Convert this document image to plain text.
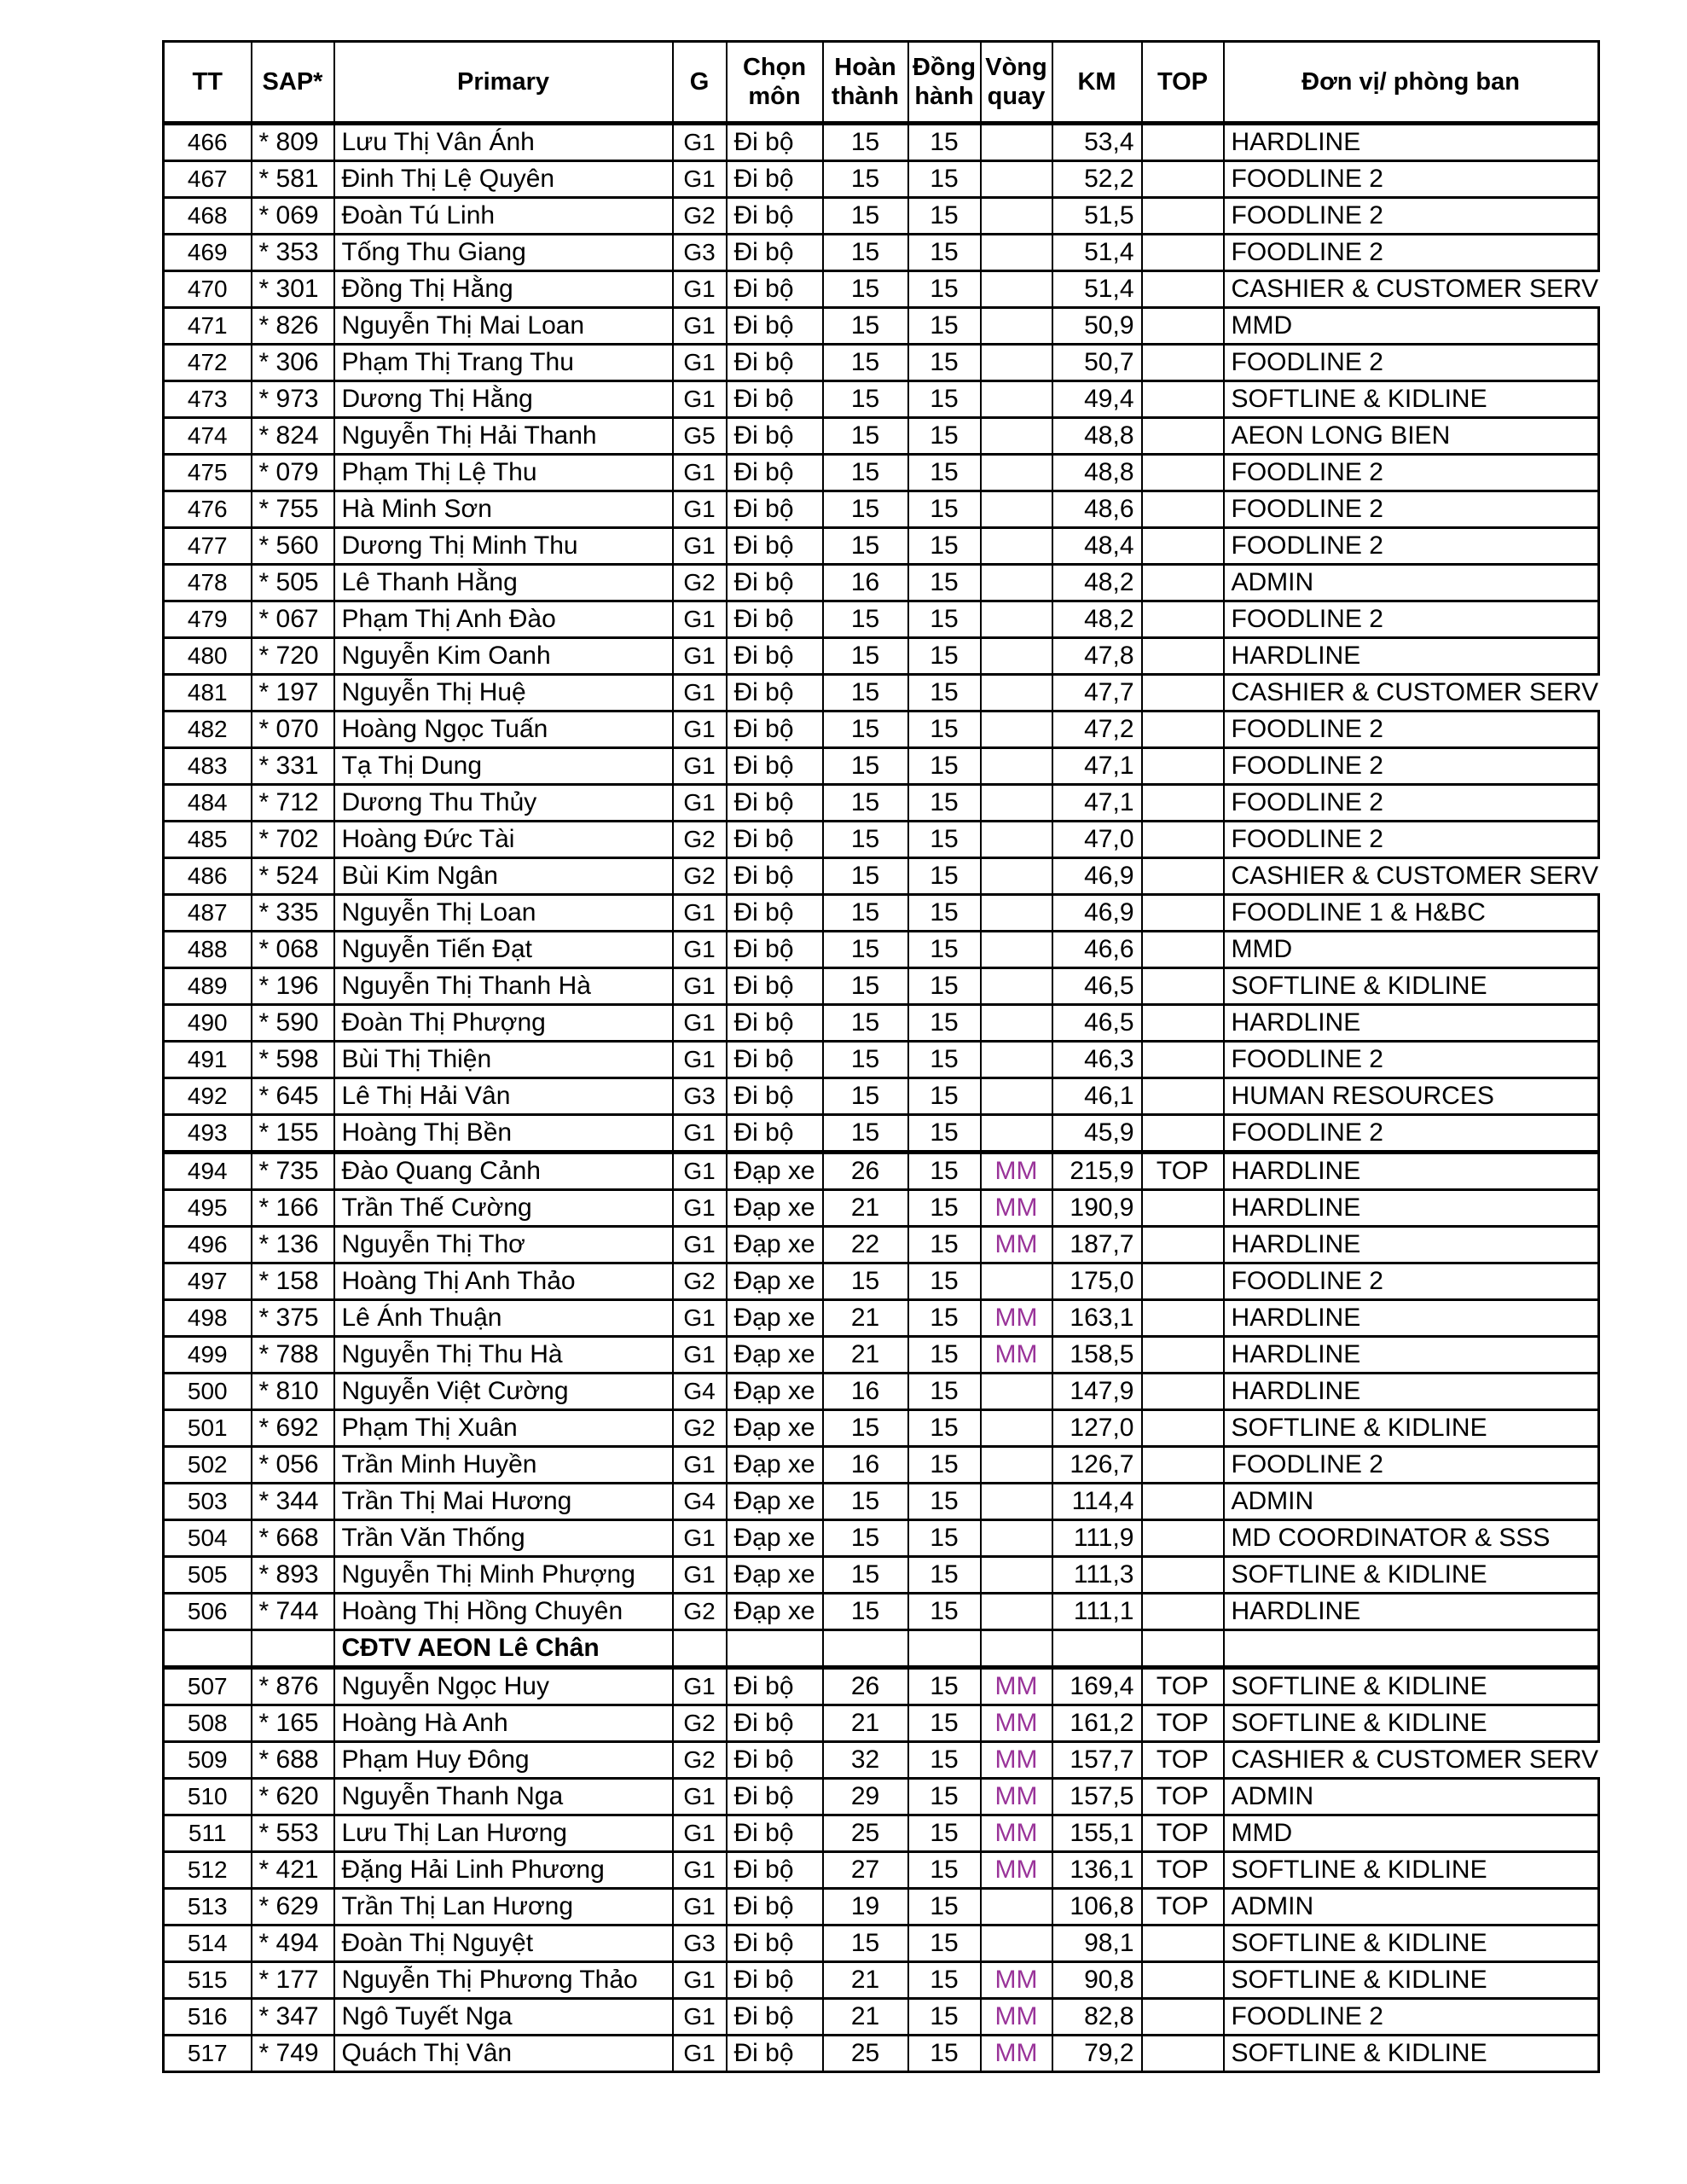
TT	SAP*	Primary	G	Chọn môn	Hoàn thành	Đồng hành	Vòng quay	KM	TOP	Đơn vị/ phòng ban
466	* 809	Lưu Thị Vân Ánh	G1	Đi bộ	15	15		53,4		HARDLINE
467	* 581	Đinh Thị Lệ Quyên	G1	Đi bộ	15	15		52,2		FOODLINE 2
468	* 069	Đoàn Tú Linh	G2	Đi bộ	15	15		51,5		FOODLINE 2
469	* 353	Tống Thu Giang	G3	Đi bộ	15	15		51,4		FOODLINE 2
470	* 301	Đồng Thị Hằng	G1	Đi bộ	15	15		51,4		CASHIER & CUSTOMER SERV
471	* 826	Nguyễn Thị Mai Loan	G1	Đi bộ	15	15		50,9		MMD
472	* 306	Phạm Thị Trang Thu	G1	Đi bộ	15	15		50,7		FOODLINE 2
473	* 973	Dương Thị Hằng	G1	Đi bộ	15	15		49,4		SOFTLINE & KIDLINE
474	* 824	Nguyễn Thị Hải Thanh	G5	Đi bộ	15	15		48,8		AEON LONG BIEN
475	* 079	Phạm Thị Lệ Thu	G1	Đi bộ	15	15		48,8		FOODLINE 2
476	* 755	Hà Minh Sơn	G1	Đi bộ	15	15		48,6		FOODLINE 2
477	* 560	Dương Thị Minh Thu	G1	Đi bộ	15	15		48,4		FOODLINE 2
478	* 505	Lê Thanh Hằng	G2	Đi bộ	16	15		48,2		ADMIN
479	* 067	Phạm Thị Anh Đào	G1	Đi bộ	15	15		48,2		FOODLINE 2
480	* 720	Nguyễn Kim Oanh	G1	Đi bộ	15	15		47,8		HARDLINE
481	* 197	Nguyễn Thị Huệ	G1	Đi bộ	15	15		47,7		CASHIER & CUSTOMER SERV
482	* 070	Hoàng Ngọc Tuấn	G1	Đi bộ	15	15		47,2		FOODLINE 2
483	* 331	Tạ Thị Dung	G1	Đi bộ	15	15		47,1		FOODLINE 2
484	* 712	Dương Thu Thủy	G1	Đi bộ	15	15		47,1		FOODLINE 2
485	* 702	Hoàng Đức Tài	G2	Đi bộ	15	15		47,0		FOODLINE 2
486	* 524	Bùi Kim Ngân	G2	Đi bộ	15	15		46,9		CASHIER & CUSTOMER SERV
487	* 335	Nguyễn Thị Loan	G1	Đi bộ	15	15		46,9		FOODLINE 1 & H&BC
488	* 068	Nguyễn Tiến Đạt	G1	Đi bộ	15	15		46,6		MMD
489	* 196	Nguyễn Thị Thanh Hà	G1	Đi bộ	15	15		46,5		SOFTLINE & KIDLINE
490	* 590	Đoàn Thị Phượng	G1	Đi bộ	15	15		46,5		HARDLINE
491	* 598	Bùi Thị Thiện	G1	Đi bộ	15	15		46,3		FOODLINE 2
492	* 645	Lê Thị Hải Vân	G3	Đi bộ	15	15		46,1		HUMAN RESOURCES
493	* 155	Hoàng Thị Bền	G1	Đi bộ	15	15		45,9		FOODLINE 2
494	* 735	Đào Quang Cảnh	G1	Đạp xe	26	15	MM	215,9	TOP	HARDLINE
495	* 166	Trần Thế Cường	G1	Đạp xe	21	15	MM	190,9		HARDLINE
496	* 136	Nguyễn Thị Thơ	G1	Đạp xe	22	15	MM	187,7		HARDLINE
497	* 158	Hoàng Thị Anh Thảo	G2	Đạp xe	15	15		175,0		FOODLINE 2
498	* 375	Lê Ánh Thuận	G1	Đạp xe	21	15	MM	163,1		HARDLINE
499	* 788	Nguyễn Thị Thu Hà	G1	Đạp xe	21	15	MM	158,5		HARDLINE
500	* 810	Nguyễn Việt Cường	G4	Đạp xe	16	15		147,9		HARDLINE
501	* 692	Phạm Thị Xuân	G2	Đạp xe	15	15		127,0		SOFTLINE & KIDLINE
502	* 056	Trần Minh Huyền	G1	Đạp xe	16	15		126,7		FOODLINE 2
503	* 344	Trần Thị Mai Hương	G4	Đạp xe	15	15		114,4		ADMIN
504	* 668	Trần Văn Thống	G1	Đạp xe	15	15		111,9		MD COORDINATOR & SSS
505	* 893	Nguyễn Thị Minh Phượng	G1	Đạp xe	15	15		111,3		SOFTLINE & KIDLINE
506	* 744	Hoàng Thị Hồng Chuyên	G2	Đạp xe	15	15		111,1		HARDLINE
		CĐTV AEON Lê Chân								
507	* 876	Nguyễn Ngọc Huy	G1	Đi bộ	26	15	MM	169,4	TOP	SOFTLINE & KIDLINE
508	* 165	Hoàng Hà Anh	G2	Đi bộ	21	15	MM	161,2	TOP	SOFTLINE & KIDLINE
509	* 688	Phạm Huy Đông	G2	Đi bộ	32	15	MM	157,7	TOP	CASHIER & CUSTOMER SERV
510	* 620	Nguyễn Thanh Nga	G1	Đi bộ	29	15	MM	157,5	TOP	ADMIN
511	* 553	Lưu Thị Lan Hương	G1	Đi bộ	25	15	MM	155,1	TOP	MMD
512	* 421	Đặng Hải Linh Phương	G1	Đi bộ	27	15	MM	136,1	TOP	SOFTLINE & KIDLINE
513	* 629	Trần Thị Lan Hương	G1	Đi bộ	19	15		106,8	TOP	ADMIN
514	* 494	Đoàn Thị Nguyệt	G3	Đi bộ	15	15		98,1		SOFTLINE & KIDLINE
515	* 177	Nguyễn Thị Phương Thảo	G1	Đi bộ	21	15	MM	90,8		SOFTLINE & KIDLINE
516	* 347	Ngô Tuyết Nga	G1	Đi bộ	21	15	MM	82,8		FOODLINE 2
517	* 749	Quách Thị Vân	G1	Đi bộ	25	15	MM	79,2		SOFTLINE & KIDLINE
